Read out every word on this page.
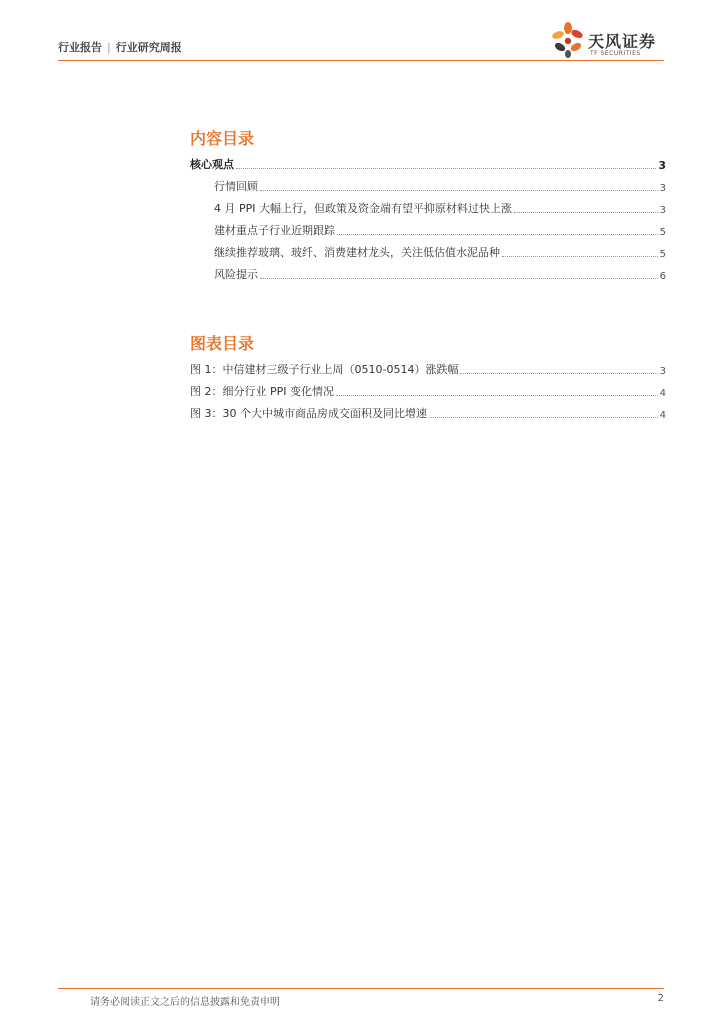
行业报告 | 行业研究周报	天风证券
TF SECURITIES
内容目录
核心观点	3
行情回顾	3
4 月 PPI 大幅上行，但政策及资金端有望平抑原材料过快上涨	3
建材重点子行业近期跟踪	5
继续推荐玻璃、玻纤、消费建材龙头，关注低估值水泥品种	5
风险提示	6
图表目录
图 1：中信建材三级子行业上周（0510-0514）涨跌幅	3
图 2：细分行业 PPI 变化情况	4
图 3：30 个大中城市商品房成交面积及同比增速	4
请务必阅读正文之后的信息披露和免责申明	2
